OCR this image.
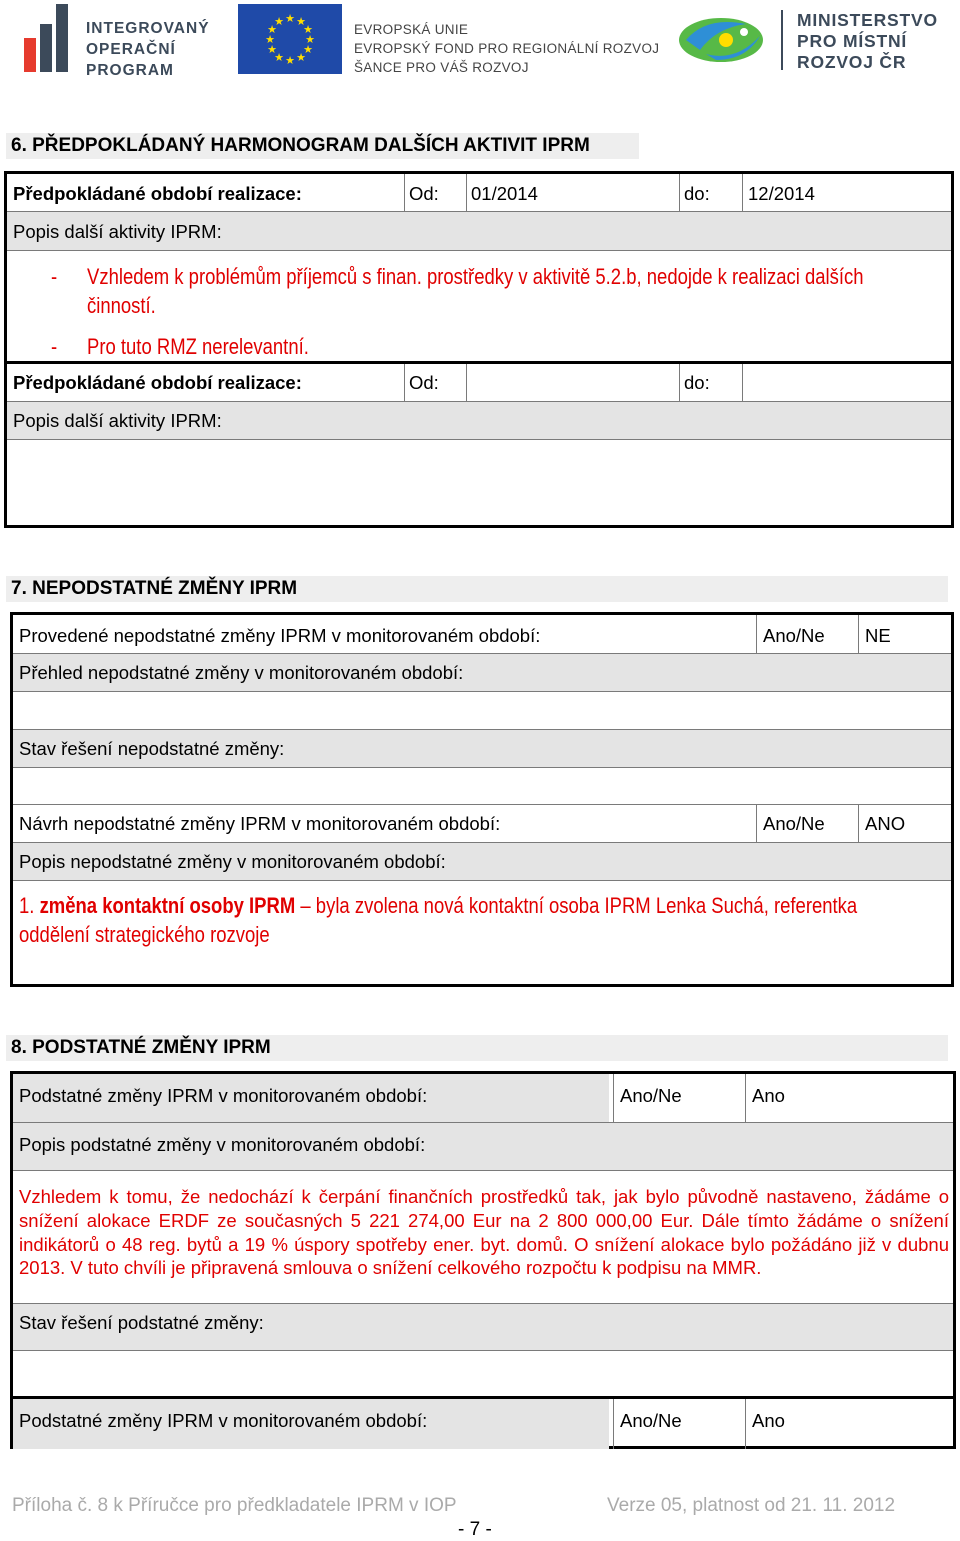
INTEGROVANÝ
OPERAČNÍ
PROGRAM
★ ★
★
★
★
★
★
★
★
★
★
★
EVROPSKÁ UNIE
EVROPSKÝ FOND PRO REGIONÁLNÍ ROZVOJ
ŠANCE PRO VÁŠ ROZVOJ
MINISTERSTVO
PRO MÍSTNÍ
ROZVOJ ČR
6. PŘEDPOKLÁDANÝ HARMONOGRAM DALŠÍCH AKTIVIT IPRM
Předpokládané období realizace:	Od: 01/2014	do: 12/2014
Popis další aktivity IPRM:
- Vzhledem k problémům příjemců s finan. prostředky v aktivitě 5.2.b, nedojde k realizaci dalších
činností.
- Pro tuto RMZ nerelevantní.
Předpokládané období realizace:	Od:	do:
Popis další aktivity IPRM:
7. NEPODSTATNÉ ZMĚNY IPRM
Provedené nepodstatné změny IPRM v monitorovaném období:	Ano/Ne NE
Přehled nepodstatné změny v monitorovaném období:
Stav řešení nepodstatné změny:
Návrh nepodstatné změny IPRM v monitorovaném období:	Ano/Ne ANO
Popis nepodstatné změny v monitorovaném období:
1. změna kontaktní osoby IPRM – byla zvolena nová kontaktní osoba IPRM Lenka Suchá, referentka
oddělení strategického rozvoje
8. PODSTATNÉ ZMĚNY IPRM
Podstatné změny IPRM v monitorovaném období:	Ano/Ne	Ano
Popis podstatné změny v monitorovaném období:
Vzhledem k tomu, že nedochází k čerpání finančních prostředků tak, jak bylo původně nastaveno, žádáme o snížení alokace ERDF ze současných 5 221 274,00 Eur na 2 800 000,00 Eur. Dále tímto žádáme o snížení indikátorů o 48 reg. bytů a 19 % úspory spotřeby ener. byt. domů. O snížení alokace bylo požádáno již v dubnu 2013. V tuto chvíli je připravená smlouva o snížení celkového rozpočtu k podpisu na MMR.
Stav řešení podstatné změny:
Podstatné změny IPRM v monitorovaném období:	Ano/Ne	Ano
Příloha č. 8 k Příručce pro předkladatele IPRM v IOP	Verze 05, platnost od 21. 11. 2012
- 7 -
